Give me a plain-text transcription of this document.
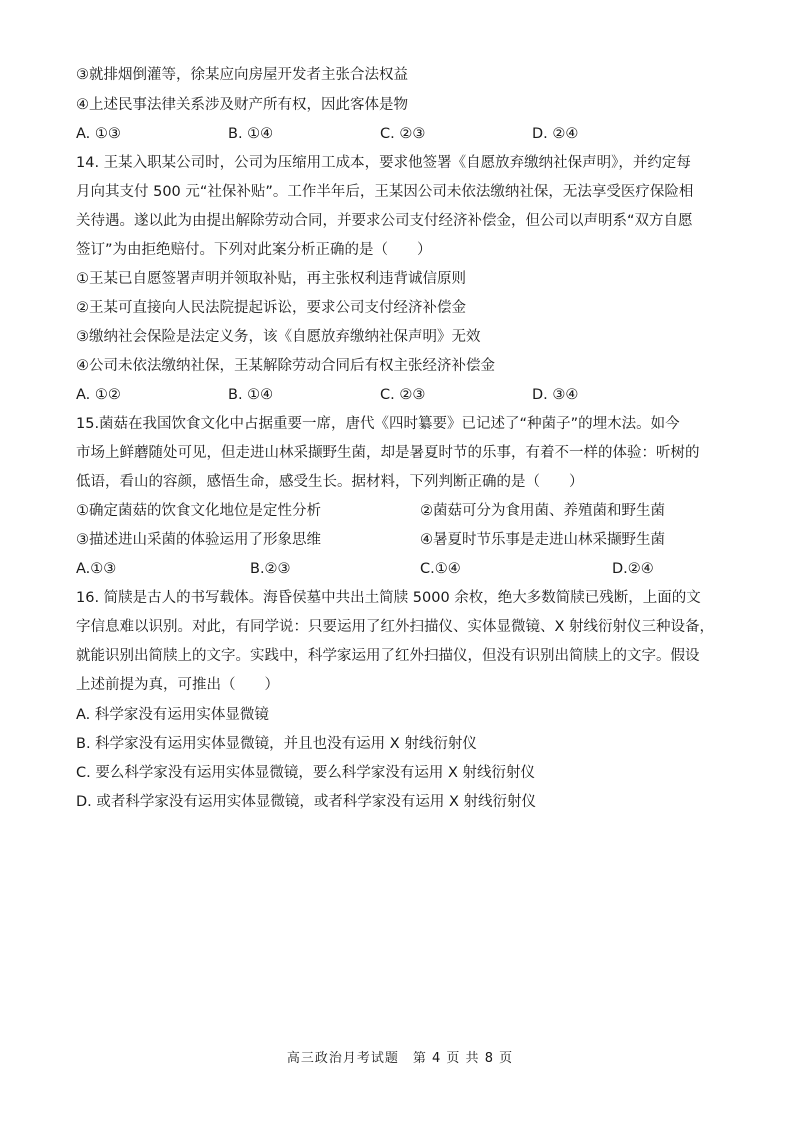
③就排烟倒灌等，徐某应向房屋开发者主张合法权益
④上述民事法律关系涉及财产所有权，因此客体是物
A. ①③	B. ①④	C. ②③	D. ②④
14. 王某入职某公司时，公司为压缩用工成本，要求他签署《自愿放弃缴纳社保声明》，并约定每
月向其支付 500 元“社保补贴”。工作半年后，王某因公司未依法缴纳社保，无法享受医疗保险相
关待遇。遂以此为由提出解除劳动合同，并要求公司支付经济补偿金，但公司以声明系“双方自愿
签订”为由拒绝赔付。下列对此案分析正确的是（　　）
①王某已自愿签署声明并领取补贴，再主张权利违背诚信原则
②王某可直接向人民法院提起诉讼，要求公司支付经济补偿金
③缴纳社会保险是法定义务，该《自愿放弃缴纳社保声明》无效
④公司未依法缴纳社保，王某解除劳动合同后有权主张经济补偿金
A. ①②	B. ①④	C. ②③	D. ③④
15.菌菇在我国饮食文化中占据重要一席，唐代《四时纂要》已记述了“种菌子”的埋木法。如今
市场上鲜蘑随处可见，但走进山林采撷野生菌，却是暑夏时节的乐事，有着不一样的体验：听树的
低语，看山的容颜，感悟生命，感受生长。据材料，下列判断正确的是（　　）
①确定菌菇的饮食文化地位是定性分析	②菌菇可分为食用菌、养殖菌和野生菌
③描述进山采菌的体验运用了形象思维	④暑夏时节乐事是走进山林采撷野生菌
A.①③	B.②③	C.①④	D.②④
16. 简牍是古人的书写载体。海昏侯墓中共出土简牍 5000 余枚，绝大多数简牍已残断，上面的文
字信息难以识别。对此，有同学说：只要运用了红外扫描仪、实体显微镜、X 射线衍射仪三种设备，
就能识别出简牍上的文字。实践中，科学家运用了红外扫描仪，但没有识别出简牍上的文字。假设
上述前提为真，可推出（　　）
A. 科学家没有运用实体显微镜
B. 科学家没有运用实体显微镜，并且也没有运用 X 射线衍射仪
C. 要么科学家没有运用实体显微镜，要么科学家没有运用 X 射线衍射仪
D. 或者科学家没有运用实体显微镜，或者科学家没有运用 X 射线衍射仪
高三政治月考试题　第 4 页 共 8 页
